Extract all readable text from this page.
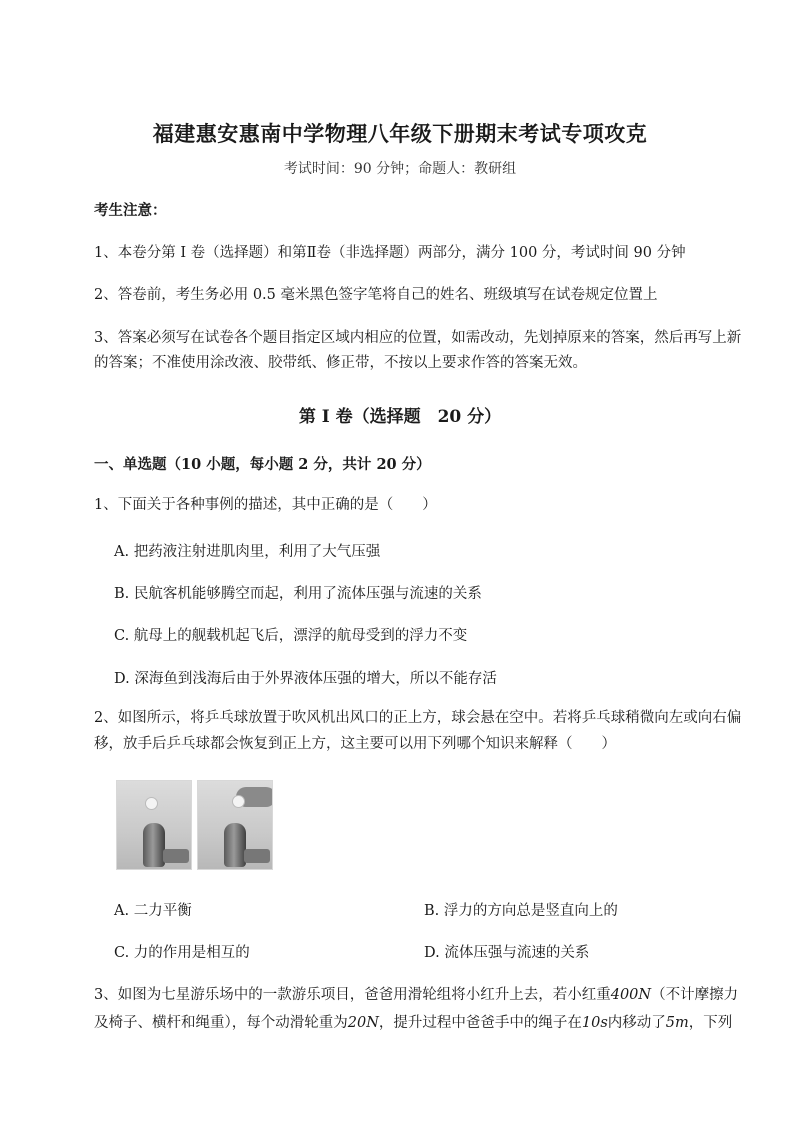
福建惠安惠南中学物理八年级下册期末考试专项攻克
考试时间：90 分钟；命题人：教研组
考生注意：
1、本卷分第 I 卷（选择题）和第Ⅱ卷（非选择题）两部分，满分 100 分，考试时间 90 分钟
2、答卷前，考生务必用 0.5 毫米黑色签字笔将自己的姓名、班级填写在试卷规定位置上
3、答案必须写在试卷各个题目指定区域内相应的位置，如需改动，先划掉原来的答案，然后再写上新
的答案；不准使用涂改液、胶带纸、修正带，不按以上要求作答的答案无效。
第 I 卷（选择题　20 分）
一、单选题（10 小题，每小题 2 分，共计 20 分）
1、下面关于各种事例的描述，其中正确的是（　　）
A. 把药液注射进肌肉里，利用了大气压强
B. 民航客机能够腾空而起，利用了流体压强与流速的关系
C. 航母上的舰载机起飞后，漂浮的航母受到的浮力不变
D. 深海鱼到浅海后由于外界液体压强的增大，所以不能存活
2、如图所示，将乒乓球放置于吹风机出风口的正上方，球会悬在空中。若将乒乓球稍微向左或向右偏
移，放手后乒乓球都会恢复到正上方，这主要可以用下列哪个知识来解释（　　）
A. 二力平衡	B. 浮力的方向总是竖直向上的
C. 力的作用是相互的	D. 流体压强与流速的关系
3、如图为七星游乐场中的一款游乐项目，爸爸用滑轮组将小红升上去，若小红重400N（不计摩擦力
及椅子、横杆和绳重），每个动滑轮重为20N，提升过程中爸爸手中的绳子在10s内移动了5m，下列
